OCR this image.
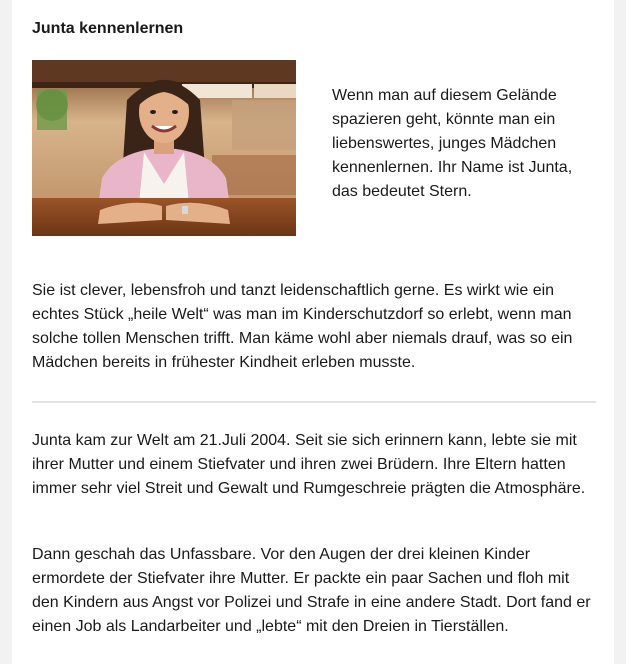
Junta kennenlernen
Wenn man auf diesem Gelände spazieren geht, könnte man ein liebenswertes, junges Mädchen kennenlernen. Ihr Name ist Junta, das bedeutet Stern.

Sie ist clever, lebensfroh und tanzt leidenschaftlich gerne. Es wirkt wie ein echtes Stück „heile Welt“ was man im Kinderschutzdorf so erlebt, wenn man solche tollen Menschen trifft. Man käme wohl aber niemals drauf, was so ein Mädchen bereits in frühester Kindheit erleben musste.

Junta kam zur Welt am 21.Juli 2004. Seit sie sich erinnern kann, lebte sie mit ihrer Mutter und einem Stiefvater und ihren zwei Brüdern. Ihre Eltern hatten immer sehr viel Streit und Gewalt und Rumgeschreie prägten die Atmosphäre.

Dann geschah das Unfassbare. Vor den Augen der drei kleinen Kinder ermordete der Stiefvater ihre Mutter. Er packte ein paar Sachen und floh mit den Kindern aus Angst vor Polizei und Strafe in eine andere Stadt. Dort fand er einen Job als Landarbeiter und „lebte“ mit den Dreien in Tierställen.
